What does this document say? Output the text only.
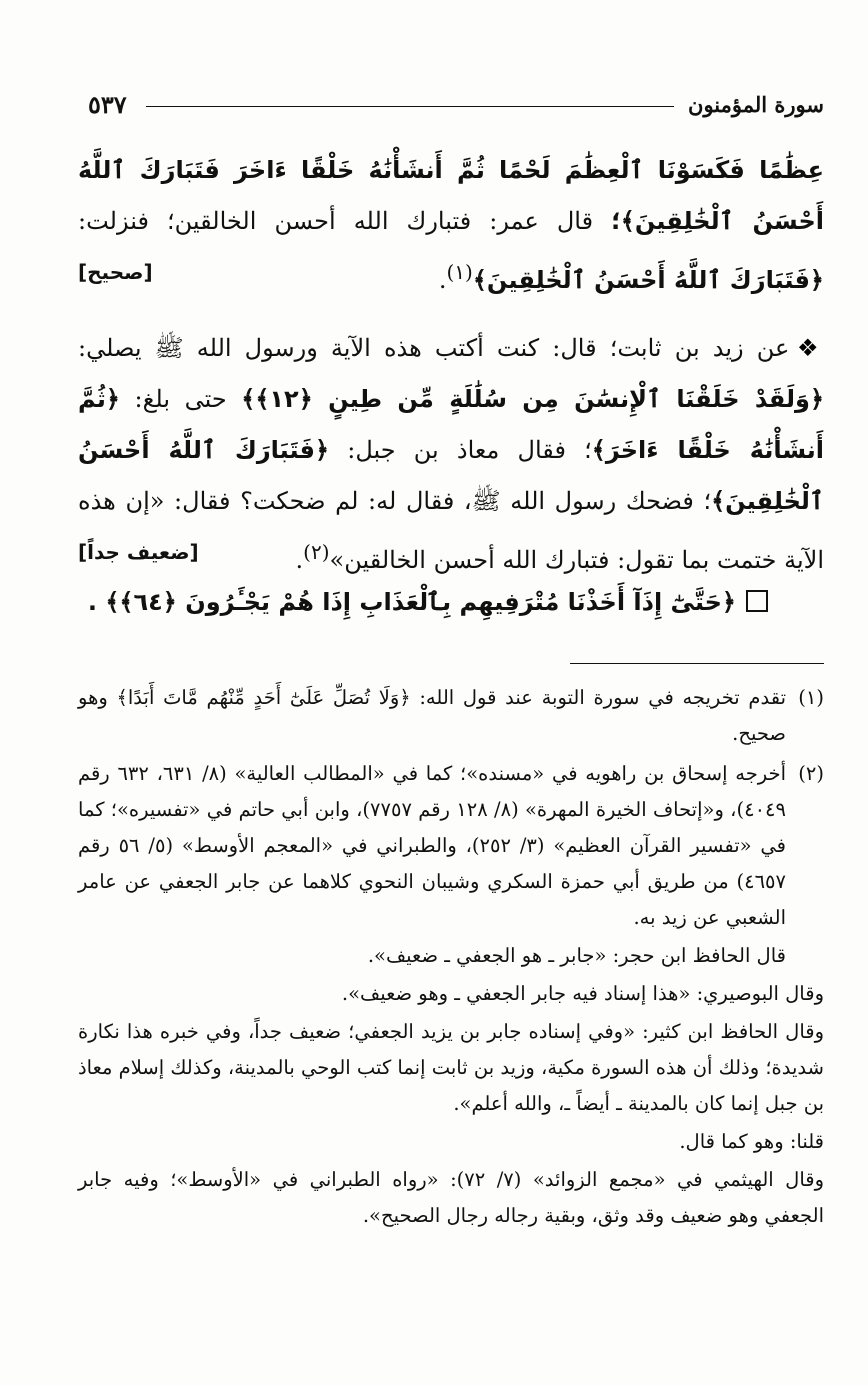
سورة المؤمنون
٥٣٧

عِظَٰمًا فَكَسَوْنَا ٱلْعِظَٰمَ لَحْمًا ثُمَّ أَنشَأْنَٰهُ خَلْقًا ءَاخَرَ فَتَبَارَكَ ٱللَّهُ أَحْسَنُ ٱلْخَٰلِقِينَ﴾؛ قال عمر: فتبارك الله أحسن الخالقين؛ فنزلت: ﴿فَتَبَارَكَ ٱللَّهُ أَحْسَنُ ٱلْخَٰلِقِينَ﴾$^{(١)}$.
[صحيح]

❖ عن زيد بن ثابت؛ قال: كنت أكتب هذه الآية ورسول الله ﷺ يصلي: ﴿وَلَقَدْ خَلَقْنَا ٱلْإِنسَٰنَ مِن سُلَٰلَةٍ مِّن طِينٍ ﴿١٢﴾﴾ حتى بلغ: ﴿ثُمَّ أَنشَأْنَٰهُ خَلْقًا ءَاخَرَ﴾؛ فقال معاذ بن جبل: ﴿فَتَبَارَكَ ٱللَّهُ أَحْسَنُ ٱلْخَٰلِقِينَ﴾؛ فضحك رسول الله ﷺ، فقال له: لم ضحكت؟ فقال: «إن هذه الآية ختمت بما تقول: فتبارك الله أحسن الخالقين»$^{(٢)}$.
[ضعيف جداً]

﴿حَتَّىٰٓ إِذَآ أَخَذْنَا مُتْرَفِيهِم بِٱلْعَذَابِ إِذَا هُمْ يَجْـَٔرُونَ ﴿٦٤﴾﴾ .
(١)

تقدم تخريجه في سورة التوبة عند قول الله: ﴿وَلَا تُصَلِّ عَلَىٰٓ أَحَدٍ مِّنْهُم مَّاتَ أَبَدًا﴾ وهو صحيح.

(٢)

أخرجه إسحاق بن راهويه في «مسنده»؛ كما في «المطالب العالية» (٨/ ٦٣١، ٦٣٢ رقم ٤٠٤٩)، و«إتحاف الخيرة المهرة» (٨/ ١٢٨ رقم ٧٧٥٧)، وابن أبي حاتم في «تفسيره»؛ كما في «تفسير القرآن العظيم» (٣/ ٢٥٢)، والطبراني في «المعجم الأوسط» (٥/ ٥٦ رقم ٤٦٥٧) من طريق أبي حمزة السكري وشيبان النحوي كلاهما عن جابر الجعفي عن عامر الشعبي عن زيد به.

قال الحافظ ابن حجر: «جابر ـ هو الجعفي ـ ضعيف».

وقال البوصيري: «هذا إسناد فيه جابر الجعفي ـ وهو ضعيف».

وقال الحافظ ابن كثير: «وفي إسناده جابر بن يزيد الجعفي؛ ضعيف جداً، وفي خبره هذا نكارة شديدة؛ وذلك أن هذه السورة مكية، وزيد بن ثابت إنما كتب الوحي بالمدينة، وكذلك إسلام معاذ بن جبل إنما كان بالمدينة ـ أيضاً ـ، والله أعلم».

قلنا: وهو كما قال.

وقال الهيثمي في «مجمع الزوائد» (٧/ ٧٢): «رواه الطبراني في «الأوسط»؛ وفيه جابر الجعفي وهو ضعيف وقد وثق، وبقية رجاله رجال الصحيح».
